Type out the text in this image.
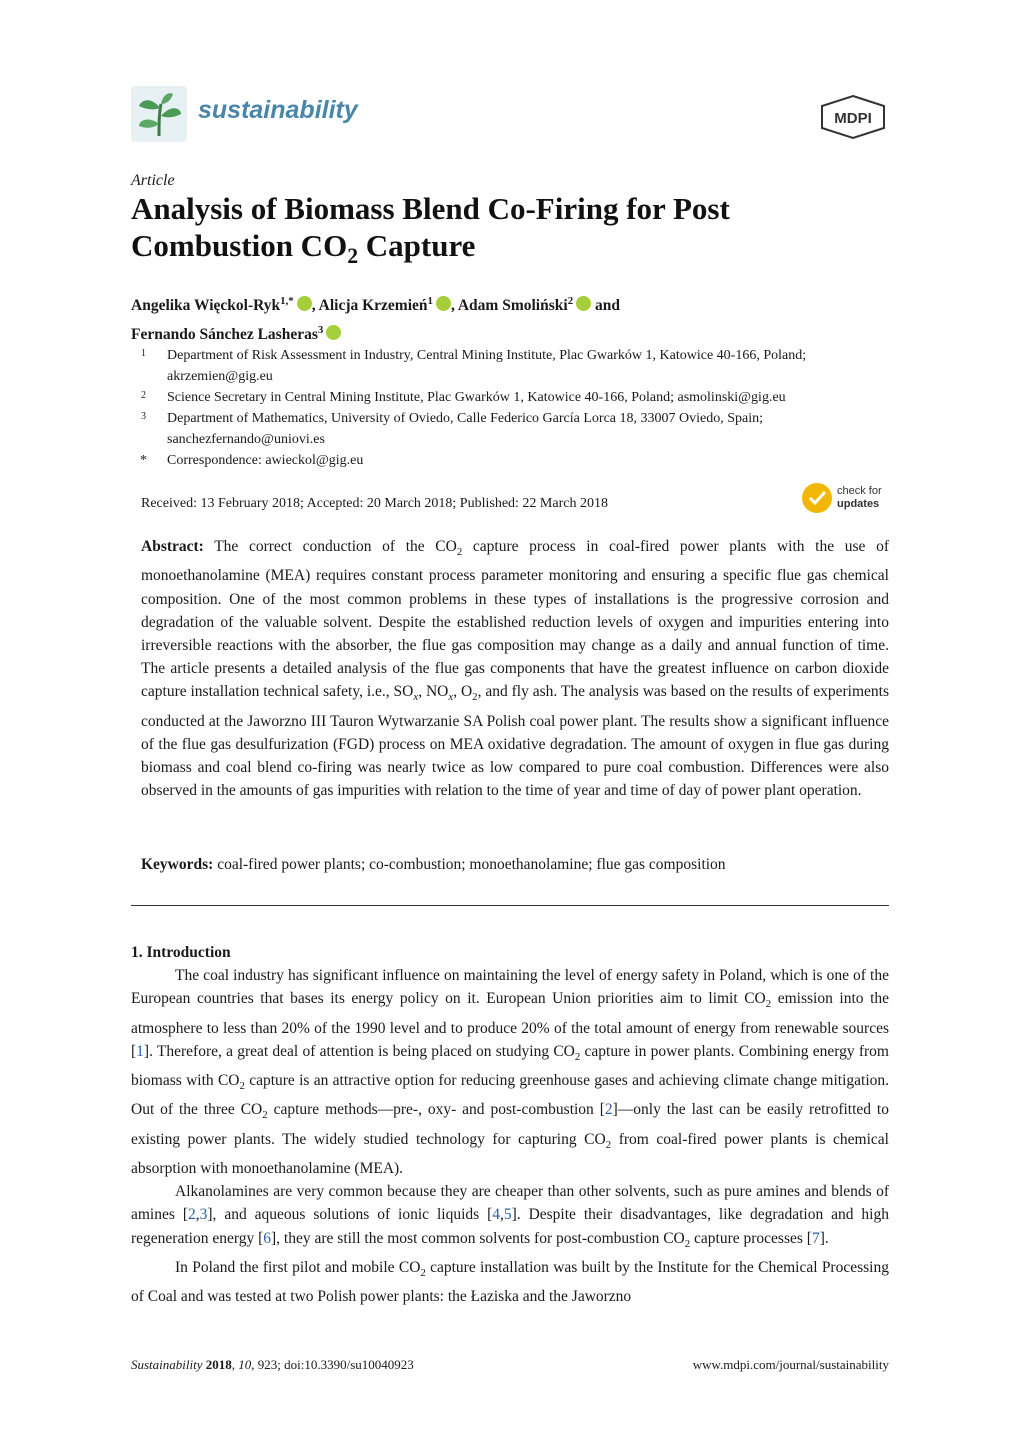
sustainability	MDPI
Article
Analysis of Biomass Blend Co-Firing for Post Combustion $CO_2$ Capture
Angelika Więckol-Ryk$^{1,*}$ , Alicja Krzemień$^1$ , Adam Smoliński$^2$ and
Fernando Sánchez Lasheras$^3$
1 Department of Risk Assessment in Industry, Central Mining Institute, Plac Gwarków 1, Katowice 40-166, Poland; akrzemien@gig.eu
2 Science Secretary in Central Mining Institute, Plac Gwarków 1, Katowice 40-166, Poland; asmolinski@gig.eu
3 Department of Mathematics, University of Oviedo, Calle Federico García Lorca 18, 33007 Oviedo, Spain; sanchezfernando@uniovi.es
* Correspondence: awieckol@gig.eu
Received: 13 February 2018; Accepted: 20 March 2018; Published: 22 March 2018
check for
updates
Abstract: The correct conduction of the $CO_2$ capture process in coal-fired power plants with the use of monoethanolamine (MEA) requires constant process parameter monitoring and ensuring a specific flue gas chemical composition. One of the most common problems in these types of installations is the progressive corrosion and degradation of the valuable solvent. Despite the established reduction levels of oxygen and impurities entering into irreversible reactions with the absorber, the flue gas composition may change as a daily and annual function of time. The article presents a detailed analysis of the flue gas components that have the greatest influence on carbon dioxide capture installation technical safety, i.e., $SO_x$, $NO_x$, $O_2$, and fly ash. The analysis was based on the results of experiments conducted at the Jaworzno III Tauron Wytwarzanie SA Polish coal power plant. The results show a significant influence of the flue gas desulfurization (FGD) process on MEA oxidative degradation. The amount of oxygen in flue gas during biomass and coal blend co-firing was nearly twice as low compared to pure coal combustion. Differences were also observed in the amounts of gas impurities with relation to the time of year and time of day of power plant operation.
Keywords: coal-fired power plants; co-combustion; monoethanolamine; flue gas composition
1. Introduction

The coal industry has significant influence on maintaining the level of energy safety in Poland, which is one of the European countries that bases its energy policy on it. European Union priorities aim to limit $CO_2$ emission into the atmosphere to less than 20% of the 1990 level and to produce 20% of the total amount of energy from renewable sources [1]. Therefore, a great deal of attention is being placed on studying $CO_2$ capture in power plants. Combining energy from biomass with $CO_2$ capture is an attractive option for reducing greenhouse gases and achieving climate change mitigation. Out of the three $CO_2$ capture methods—pre-, oxy- and post-combustion [2]—only the last can be easily retrofitted to existing power plants. The widely studied technology for capturing $CO_2$ from coal-fired power plants is chemical absorption with monoethanolamine (MEA).

Alkanolamines are very common because they are cheaper than other solvents, such as pure amines and blends of amines [2,3], and aqueous solutions of ionic liquids [4,5]. Despite their disadvantages, like degradation and high regeneration energy [6], they are still the most common solvents for post-combustion $CO_2$ capture processes [7].

In Poland the first pilot and mobile $CO_2$ capture installation was built by the Institute for the Chemical Processing of Coal and was tested at two Polish power plants: the Łaziska and the Jaworzno

Sustainability 2018, 10, 923; doi:10.3390/su10040923	www.mdpi.com/journal/sustainability
